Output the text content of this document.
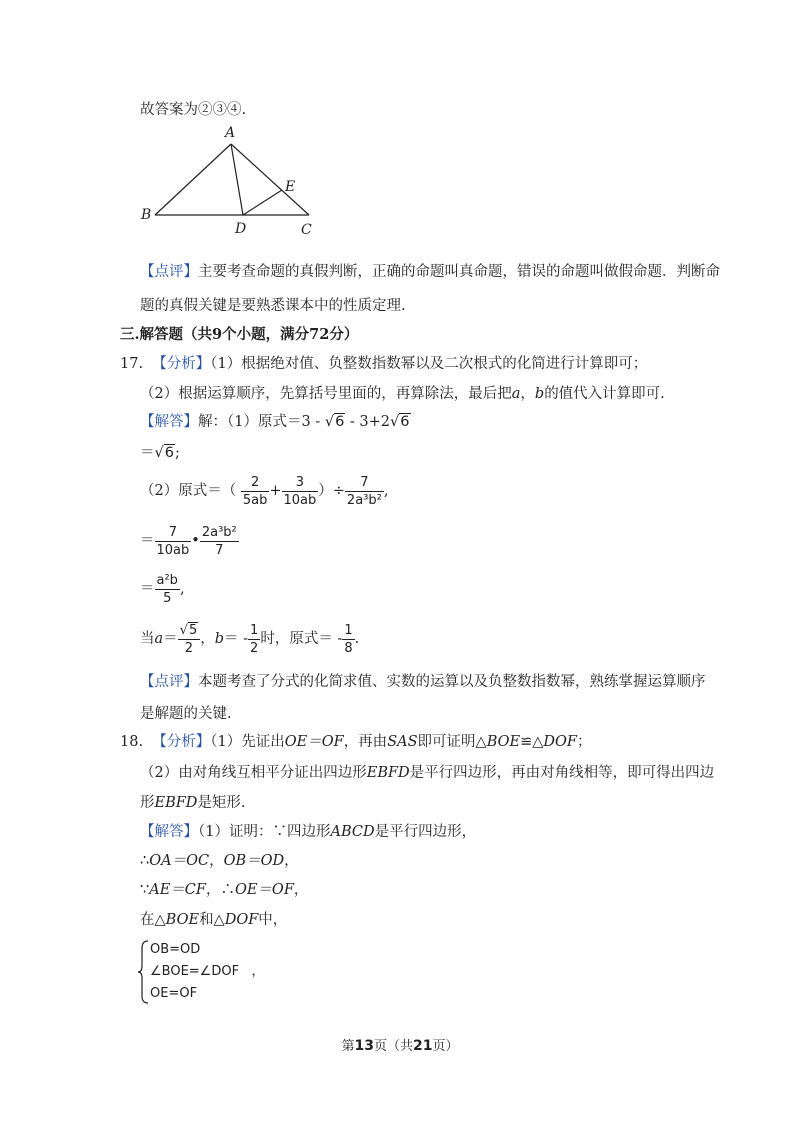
故答案为②③④.
A
E
B
D	C
【点评】主要考查命题的真假判断，正确的命题叫真命题，错误的命题叫做假命题．判断命
题的真假关键是要熟悉课本中的性质定理.
三.解答题（共9个小题，满分72分）
17. 【分析】（1）根据绝对值、负整数指数幂以及二次根式的化简进行计算即可；
（2）根据运算顺序，先算括号里面的，再算除法，最后把a，b的值代入计算即可.
【解答】解：（1）原式＝3 - √6 - 3+2√6
＝√6;
（2）原式＝（ $\frac{2}{5ab} + \frac{3}{10ab}$ ）÷ $\frac{7}{\text{2a³b²}}$ ,
＝ $\frac{7}{10ab}$ • $\frac{\text{2a³b²}}{7}$
＝ $\frac{\text{a²b}}{5}$ ,
当$a= \frac{√5}{2}$ ，$b= - \frac{1}{2}$ 时，原式＝ - $\frac{1}{8}$ .
【点评】本题考查了分式的化简求值、实数的运算以及负整数指数幂，熟练掌握运算顺序
是解题的关键.
18. 【分析】（1）先证出OE＝OF，再由SAS即可证明△BOE≌△DOF；
（2）由对角线互相平分证出四边形EBFD是平行四边形，再由对角线相等，即可得出四边
形EBFD是矩形.
【解答】（1）证明：∵四边形ABCD是平行四边形，
∴OA＝OC，OB＝OD，
∵AE＝CF，∴OE＝OF，
在△BOE和△DOF中，
OB=OD
∠BOE=∠DOF ，
OE=OF
第13页（共21页）
